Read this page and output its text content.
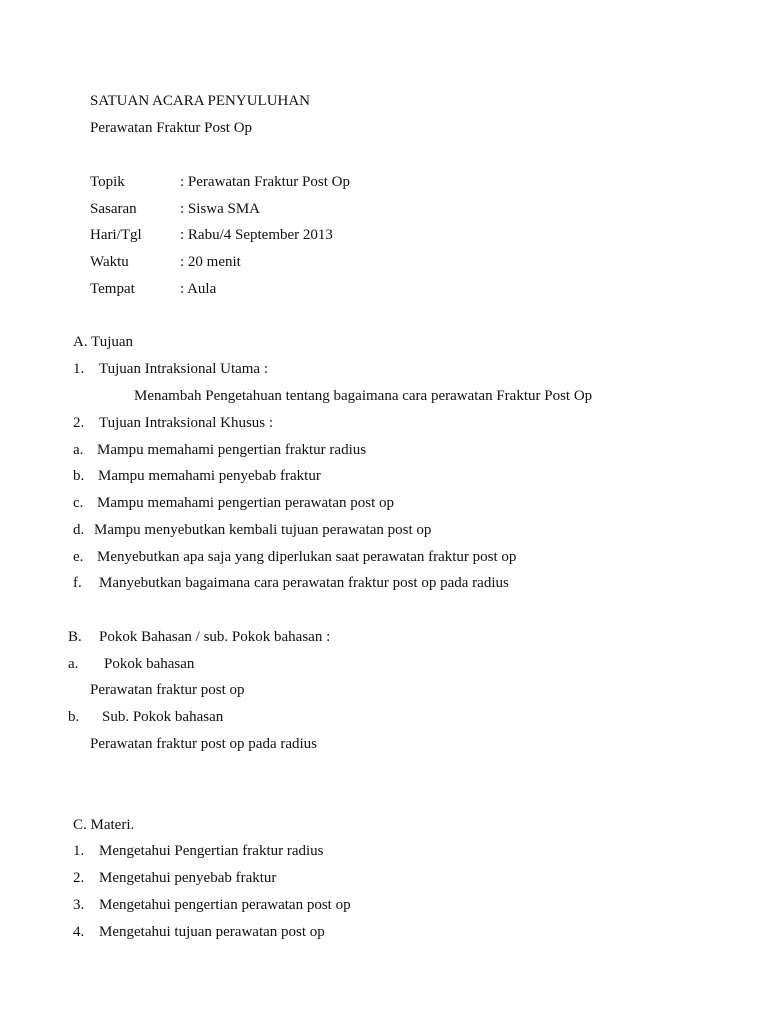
SATUAN ACARA PENYULUHAN
Perawatan Fraktur Post Op
Topik	: Perawatan Fraktur Post Op
Sasaran	: Siswa SMA
Hari/Tgl	: Rabu/4 September 2013
Waktu	: 20 menit
Tempat	: Aula
A. Tujuan
1. Tujuan Intraksional Utama :
Menambah Pengetahuan tentang bagaimana cara perawatan Fraktur Post Op
2. Tujuan Intraksional Khusus :
a. Mampu memahami pengertian fraktur radius
b. Mampu memahami penyebab fraktur
c. Mampu memahami pengertian perawatan post op
d. Mampu menyebutkan kembali tujuan perawatan post op
e. Menyebutkan apa saja yang diperlukan saat perawatan fraktur post op
f. Manyebutkan bagaimana cara perawatan fraktur post op pada radius
B. Pokok Bahasan / sub. Pokok bahasan :
a. Pokok bahasan
Perawatan fraktur post op
b. Sub. Pokok bahasan
Perawatan fraktur post op pada radius
C. Materi.
1. Mengetahui Pengertian fraktur radius
2. Mengetahui penyebab fraktur
3. Mengetahui pengertian perawatan post op
4. Mengetahui tujuan perawatan post op
